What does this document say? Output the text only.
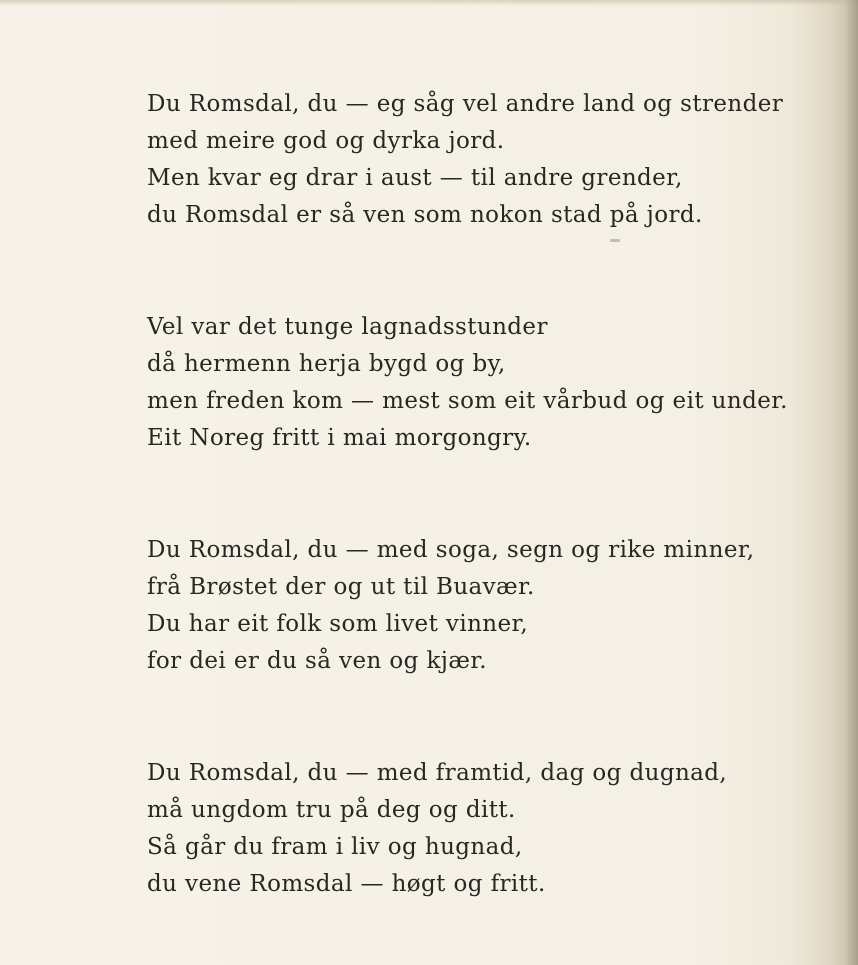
Du Romsdal, du — eg såg vel andre land og strender
med meire god og dyrka jord.
Men kvar eg drar i aust — til andre grender,
du Romsdal er så ven som nokon stad på jord.

Vel var det tunge lagnadsstunder
då hermenn herja bygd og by,
men freden kom — mest som eit vårbud og eit under.
Eit Noreg fritt i mai morgongry.

Du Romsdal, du — med soga, segn og rike minner,
frå Brøstet der og ut til Buavær.
Du har eit folk som livet vinner,
for dei er du så ven og kjær.

Du Romsdal, du — med framtid, dag og dugnad,
må ungdom tru på deg og ditt.
Så går du fram i liv og hugnad,
du vene Romsdal — høgt og fritt.
